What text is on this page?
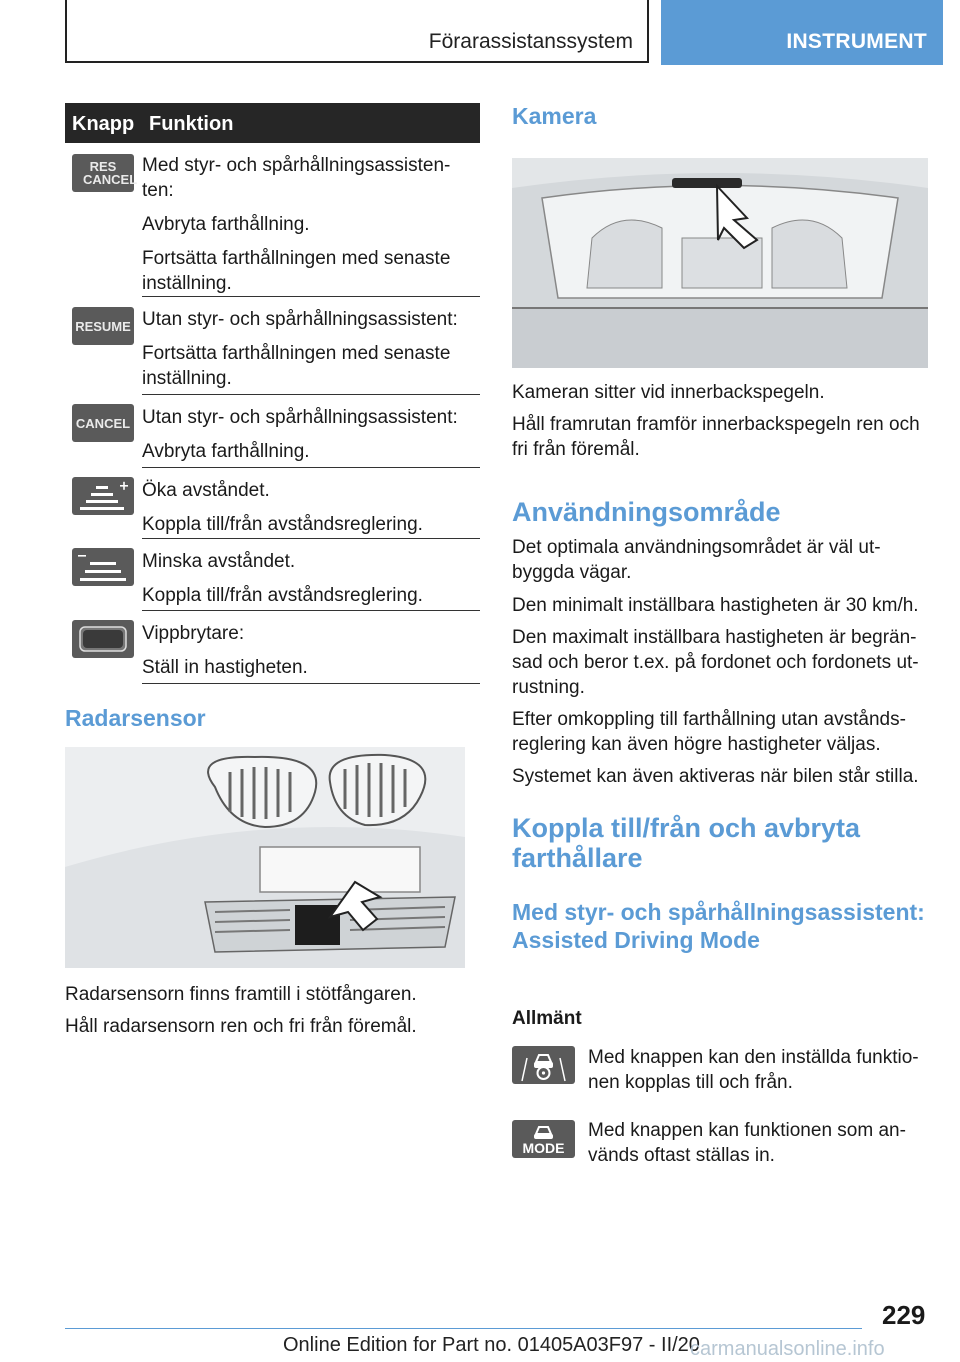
Förarassistanssystem	INSTRUMENT
Knapp Funktion
RES CANCEL

Med styr- och spårhållningsassisten-ten:

Avbryta farthållning.

Fortsätta farthållningen med senaste inställning.

RESUME Utan styr- och spårhållningsassistent:

Fortsätta farthållningen med senaste inställning.

CANCEL Utan styr- och spårhållningsassistent:

Avbryta farthållning.

Öka avståndet.

Koppla till/från avståndsreglering.

Minska avståndet.

Koppla till/från avståndsreglering.

Vippbrytare:

Ställ in hastigheten.

Radarsensor

Radarsensorn finns framtill i stötfångaren.

Håll radarsensorn ren och fri från föremål.

Kamera

Kameran sitter vid innerbackspegeln.

Håll framrutan framför innerbackspegeln ren och fri från föremål.

Användningsområde

Det optimala användningsområdet är väl ut-byggda vägar.

Den minimalt inställbara hastigheten är 30 km/h.

Den maximalt inställbara hastigheten är begrän-sad och beror t.ex. på fordonet och fordonets ut-rustning.

Efter omkoppling till farthållning utan avstånds-reglering kan även högre hastigheter väljas.

Systemet kan även aktiveras när bilen står stilla.

Koppla till/från och avbryta farthållare
Med styr- och spårhållningsassistent: Assisted Driving Mode

Allmänt

Med knappen kan den inställda funktio-nen kopplas till och från.

MODE

Med knappen kan funktionen som an-vänds oftast ställas in.

229
Online Edition for Part no. 01405A03F97 - II/20
carmanualsonline.info
